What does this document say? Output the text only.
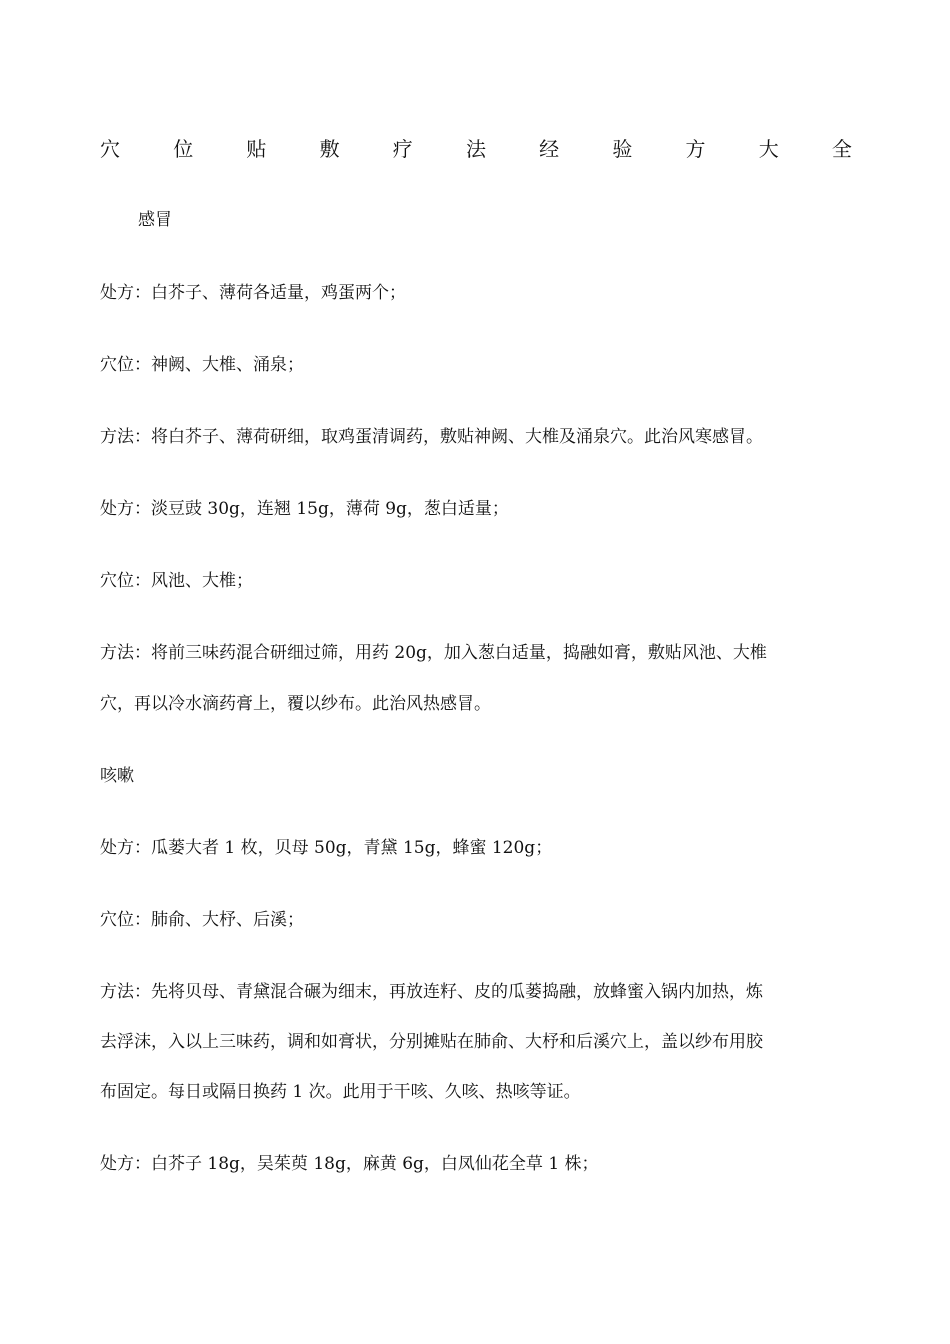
穴	位	贴	敷	疗	法	经	验	方	大	全
感冒
处方：白芥子、薄荷各适量，鸡蛋两个；
穴位：神阙、大椎、涌泉；
方法：将白芥子、薄荷研细，取鸡蛋清调药，敷贴神阙、大椎及涌泉穴。此治风寒感冒。
处方：淡豆豉 30g，连翘 15g，薄荷 9g，葱白适量；
穴位：风池、大椎；
方法：将前三味药混合研细过筛，用药 20g，加入葱白适量，捣融如膏，敷贴风池、大椎
穴，再以冷水滴药膏上，覆以纱布。此治风热感冒。
咳嗽
处方：瓜蒌大者 1 枚，贝母 50g，青黛 15g，蜂蜜 120g；
穴位：肺俞、大杼、后溪；
方法：先将贝母、青黛混合碾为细末，再放连籽、皮的瓜蒌捣融，放蜂蜜入锅内加热，炼
去浮沫，入以上三味药，调和如膏状，分别摊贴在肺俞、大杼和后溪穴上，盖以纱布用胶
布固定。每日或隔日换药 1 次。此用于干咳、久咳、热咳等证。
处方：白芥子 18g，吴茱萸 18g，麻黄 6g，白凤仙花全草 1 株；
